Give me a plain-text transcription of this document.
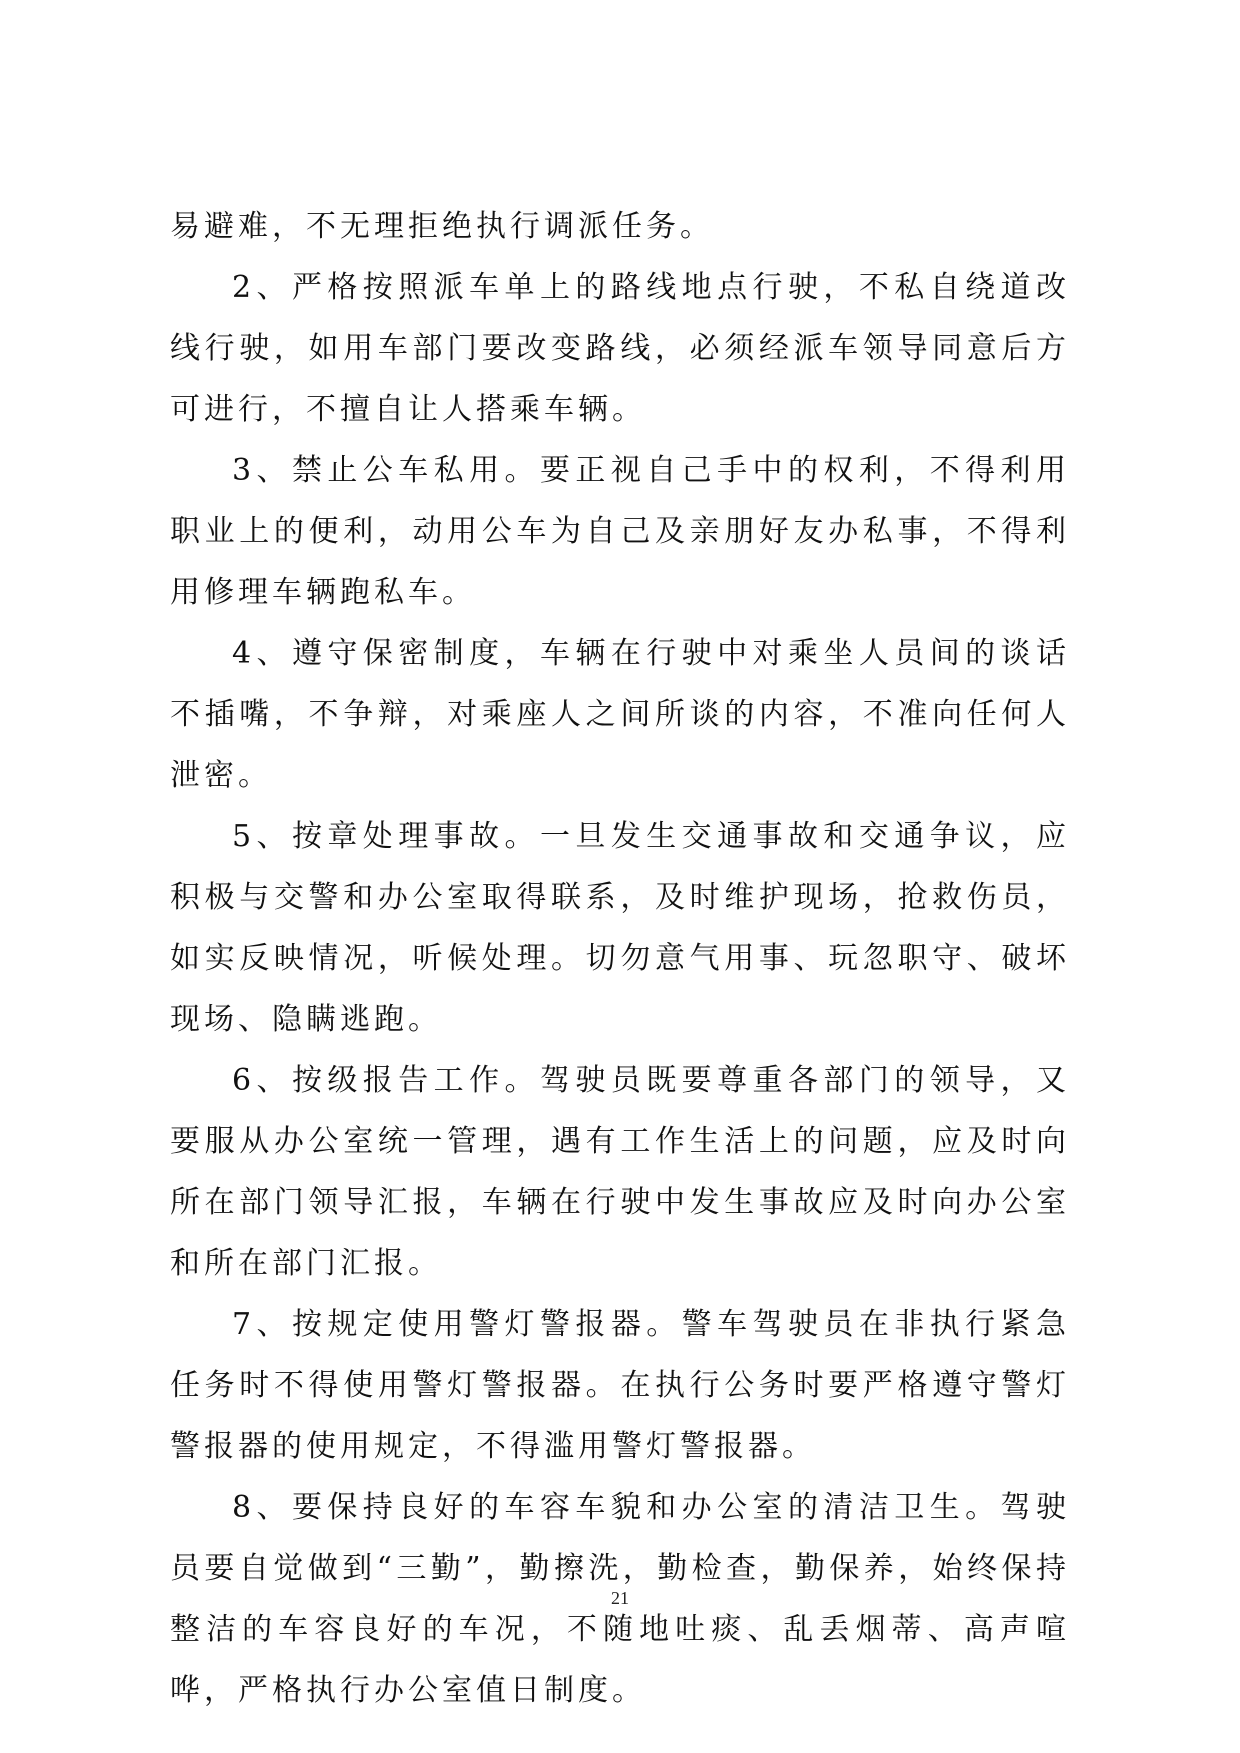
易避难，不无理拒绝执行调派任务。

2、严格按照派车单上的路线地点行驶，不私自绕道改线行驶，如用车部门要改变路线，必须经派车领导同意后方可进行，不擅自让人搭乘车辆。

3、禁止公车私用。要正视自己手中的权利，不得利用职业上的便利，动用公车为自己及亲朋好友办私事，不得利用修理车辆跑私车。

4、遵守保密制度，车辆在行驶中对乘坐人员间的谈话不插嘴，不争辩，对乘座人之间所谈的内容，不准向任何人泄密。

5、按章处理事故。一旦发生交通事故和交通争议，应积极与交警和办公室取得联系，及时维护现场，抢救伤员，如实反映情况，听候处理。切勿意气用事、玩忽职守、破坏现场、隐瞒逃跑。

6、按级报告工作。驾驶员既要尊重各部门的领导，又要服从办公室统一管理，遇有工作生活上的问题，应及时向所在部门领导汇报，车辆在行驶中发生事故应及时向办公室和所在部门汇报。

7、按规定使用警灯警报器。警车驾驶员在非执行紧急任务时不得使用警灯警报器。在执行公务时要严格遵守警灯警报器的使用规定，不得滥用警灯警报器。

8、要保持良好的车容车貌和办公室的清洁卫生。驾驶员要自觉做到“三勤”，勤擦洗，勤检查，勤保养，始终保持整洁的车容良好的车况，不随地吐痰、乱丢烟蒂、高声喧哗，严格执行办公室值日制度。

21
